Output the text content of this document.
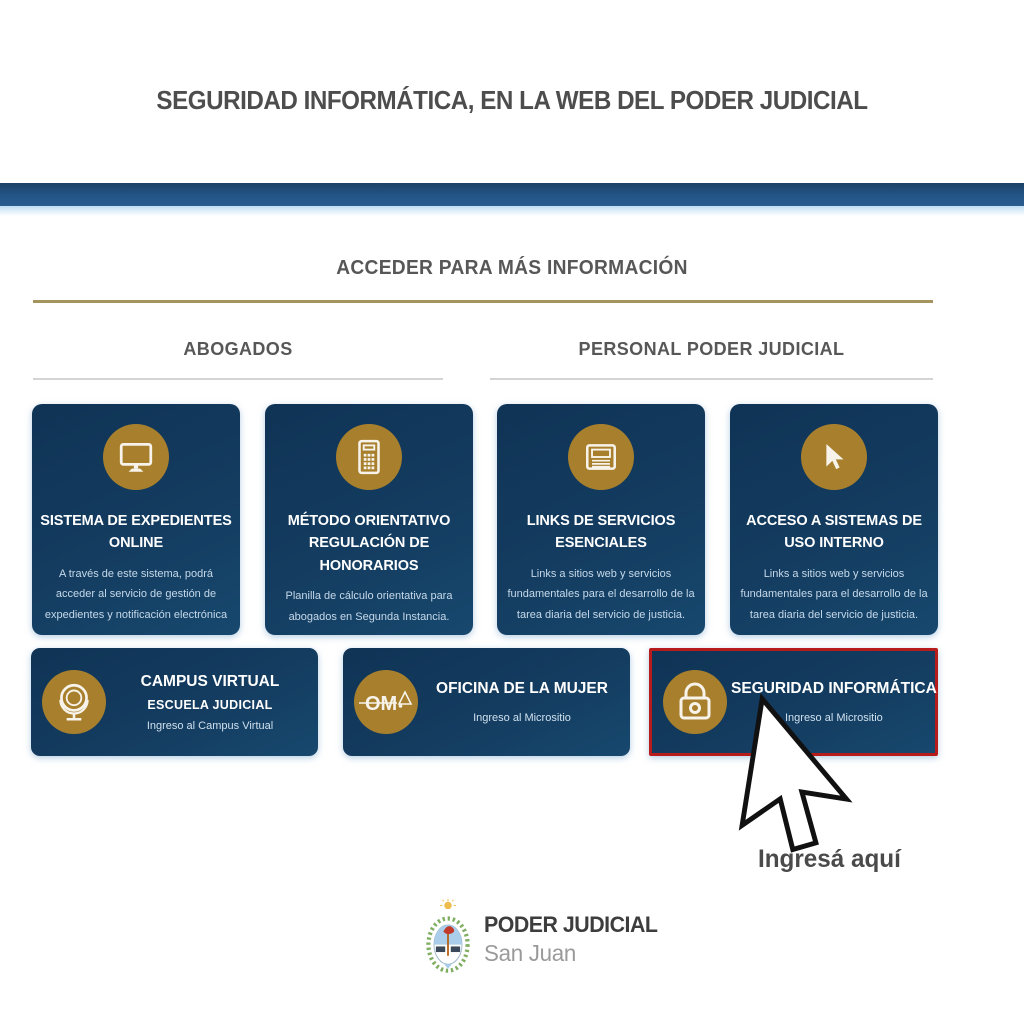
SEGURIDAD INFORMÁTICA, EN LA WEB DEL PODER JUDICIAL
ACCEDER PARA MÁS INFORMACIÓN
ABOGADOS	PERSONAL PODER JUDICIAL
SISTEMA DE EXPEDIENTES ONLINE
A través de este sistema, podrá acceder al servicio de gestión de expedientes y notificación electrónica
MÉTODO ORIENTATIVO REGULACIÓN DE HONORARIOS
Planilla de cálculo orientativa para abogados en Segunda Instancia.
LINKS DE SERVICIOS ESENCIALES
Links a sitios web y servicios fundamentales para el desarrollo de la tarea diaria del servicio de justicia.
ACCESO A SISTEMAS DE USO INTERNO
Links a sitios web y servicios fundamentales para el desarrollo de la tarea diaria del servicio de justicia.
CAMPUS VIRTUAL
ESCUELA JUDICIAL
Ingreso al Campus Virtual
OM
OFICINA DE LA MUJER
Ingreso al Micrositio
SEGURIDAD INFORMÁTICA
Ingreso al Micrositio
Ingresá aquí
PODER JUDICIAL
San Juan
